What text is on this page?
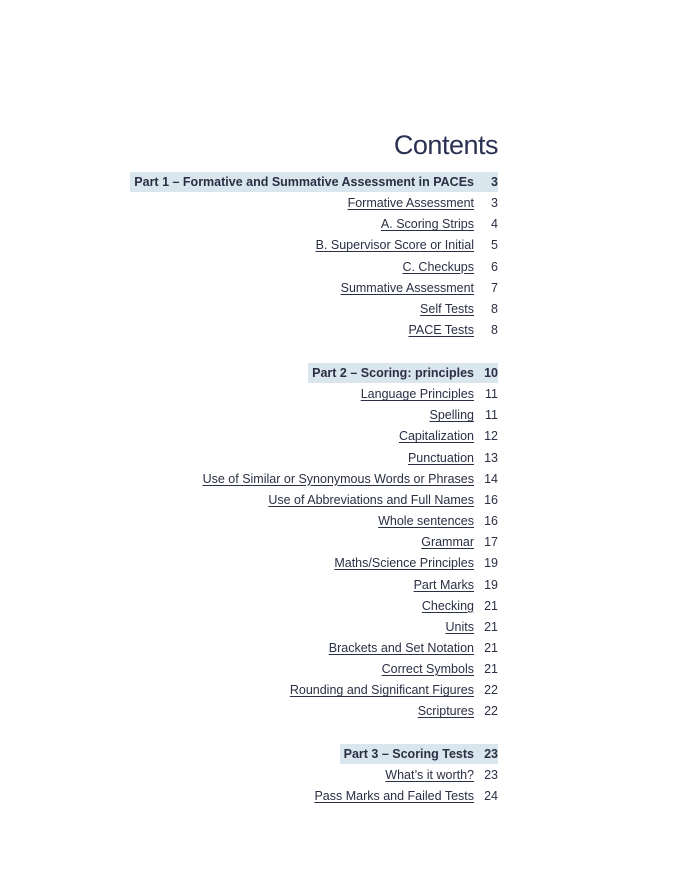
Contents
Part 1 – Formative and Summative Assessment in PACEs	3
Formative Assessment	3
A. Scoring Strips	4
B. Supervisor Score or Initial	5
C. Checkups	6
Summative Assessment	7
Self Tests	8
PACE Tests	8
Part 2 – Scoring: principles 10
Language Principles 11
Spelling 11
Capitalization 12
Punctuation 13
Use of Similar or Synonymous Words or Phrases 14
Use of Abbreviations and Full Names 16
Whole sentences 16
Grammar 17
Maths/Science Principles 19
Part Marks 19
Checking 21
Units 21
Brackets and Set Notation 21
Correct Symbols 21
Rounding and Significant Figures 22
Scriptures 22
Part 3 – Scoring Tests 23
What’s it worth? 23
Pass Marks and Failed Tests 24
